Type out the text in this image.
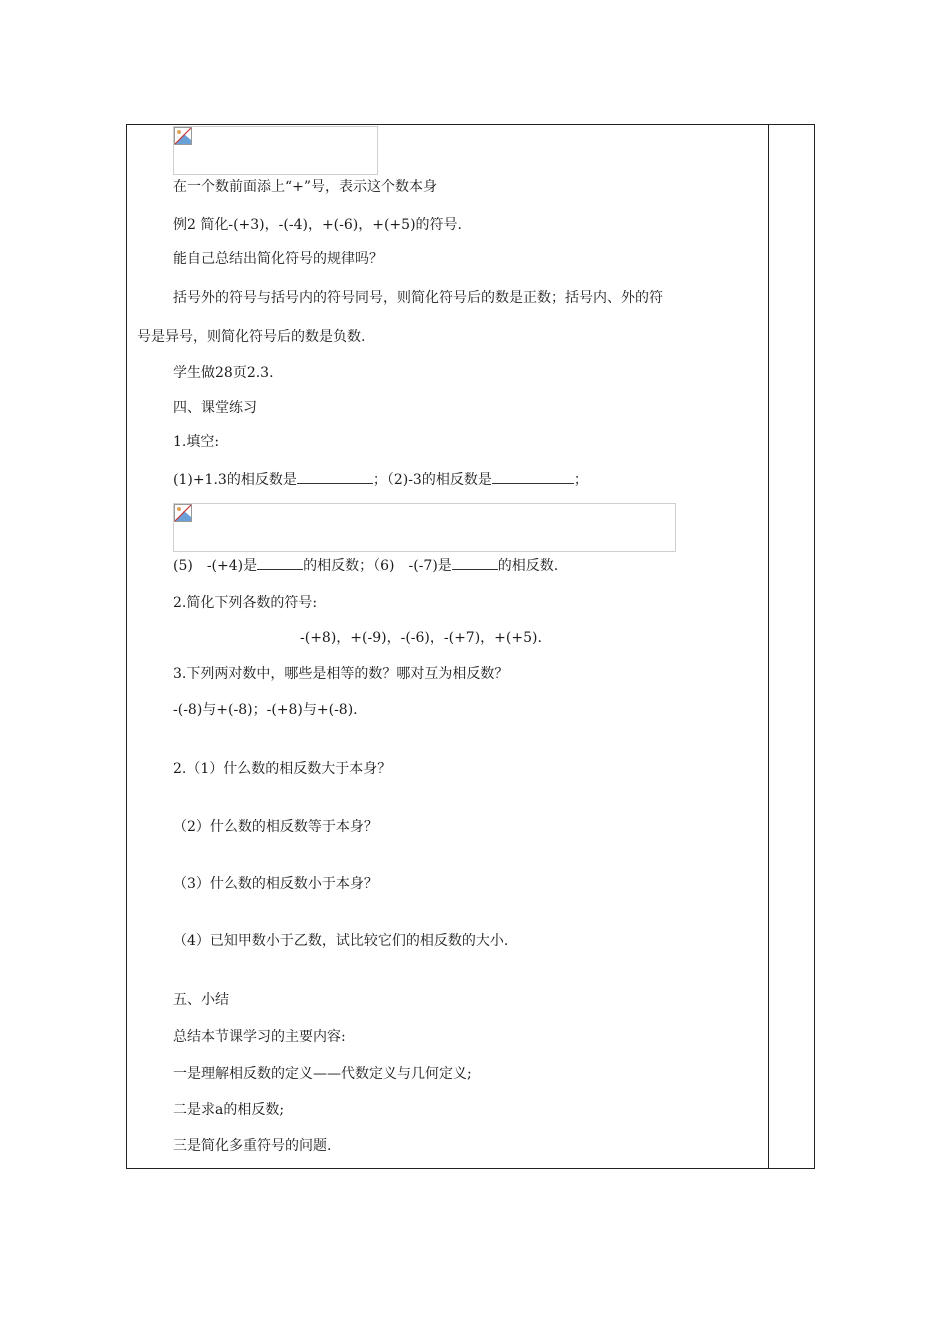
在一个数前面添上“+”号，表示这个数本身
例2 简化-(+3)，-(-4)，+(-6)，+(+5)的符号.
能自己总结出简化符号的规律吗？
括号外的符号与括号内的符号同号，则简化符号后的数是正数；括号内、外的符
号是异号，则简化符号后的数是负数.
学生做28页2.3.
四、课堂练习
1.填空:
(1)+1.3的相反数是	；（2)-3的相反数是	；
(5)　-(+4)是	的相反数；（6)　-(-7)是	的相反数.
2.简化下列各数的符号:
-(+8)，+(-9)，-(-6)，-(+7)，+(+5).
3.下列两对数中，哪些是相等的数？哪对互为相反数？
-(-8)与+(-8)；-(+8)与+(-8).
2.（1）什么数的相反数大于本身？
（2）什么数的相反数等于本身？
（3）什么数的相反数小于本身？
（4）已知甲数小于乙数，试比较它们的相反数的大小.
五、小结
总结本节课学习的主要内容:
一是理解相反数的定义——代数定义与几何定义;
二是求a的相反数;
三是简化多重符号的问题.
